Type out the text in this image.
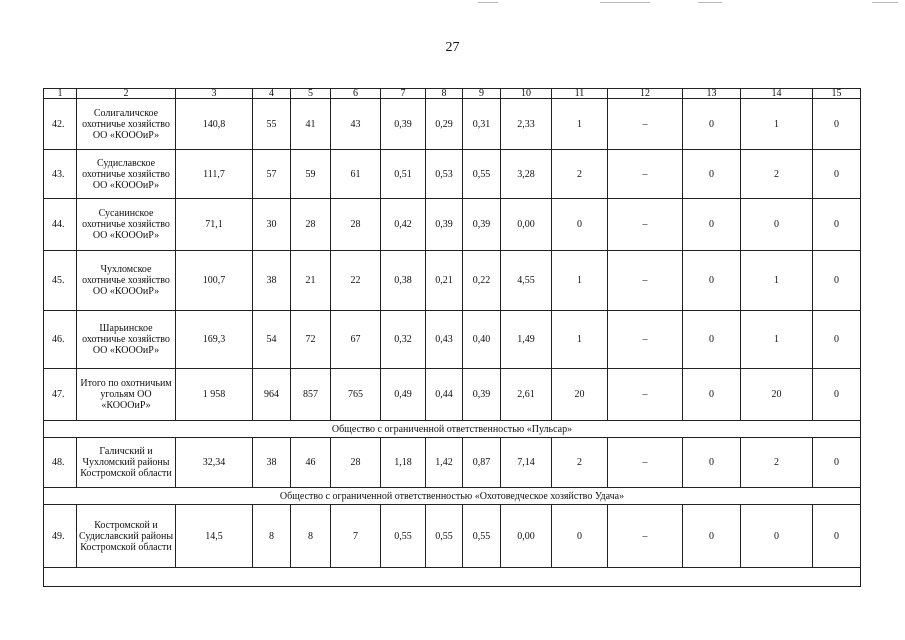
27
1	2	3	4	5	6	7	8	9	10	11	12	13	14	15
42.	Солигаличское охотничье хозяйство ОО «КОООиР»	140,8	55	41	43	0,39	0,29	0,31	2,33	1	–	0	1	0
43.	Судиславское охотничье хозяйство ОО «КОООиР»	111,7	57	59	61	0,51	0,53	0,55	3,28	2	–	0	2	0
44.	Сусанинское охотничье хозяйство ОО «КОООиР»	71,1	30	28	28	0,42	0,39	0,39	0,00	0	–	0	0	0
45.	Чухломское охотничье хозяйство ОО «КОООиР»	100,7	38	21	22	0,38	0,21	0,22	4,55	1	–	0	1	0
46.	Шарьинское охотничье хозяйство ОО «КОООиР»	169,3	54	72	67	0,32	0,43	0,40	1,49	1	–	0	1	0
47.	Итого по охотничьим угольям ОО «КОООиР»	1 958	964	857	765	0,49	0,44	0,39	2,61	20	–	0	20	0
Общество с ограниченной ответственностью «Пульсар»														
48.	Галичский и Чухломский районы Костромской области	32,34	38	46	28	1,18	1,42	0,87	7,14	2	–	0	2	0
Общество с ограниченной ответственностью «Охотоведческое хозяйство Удача»														
49.	Костромской и Судиславский районы Костромской области	14,5	8	8	7	0,55	0,55	0,55	0,00	0	–	0	0	0
